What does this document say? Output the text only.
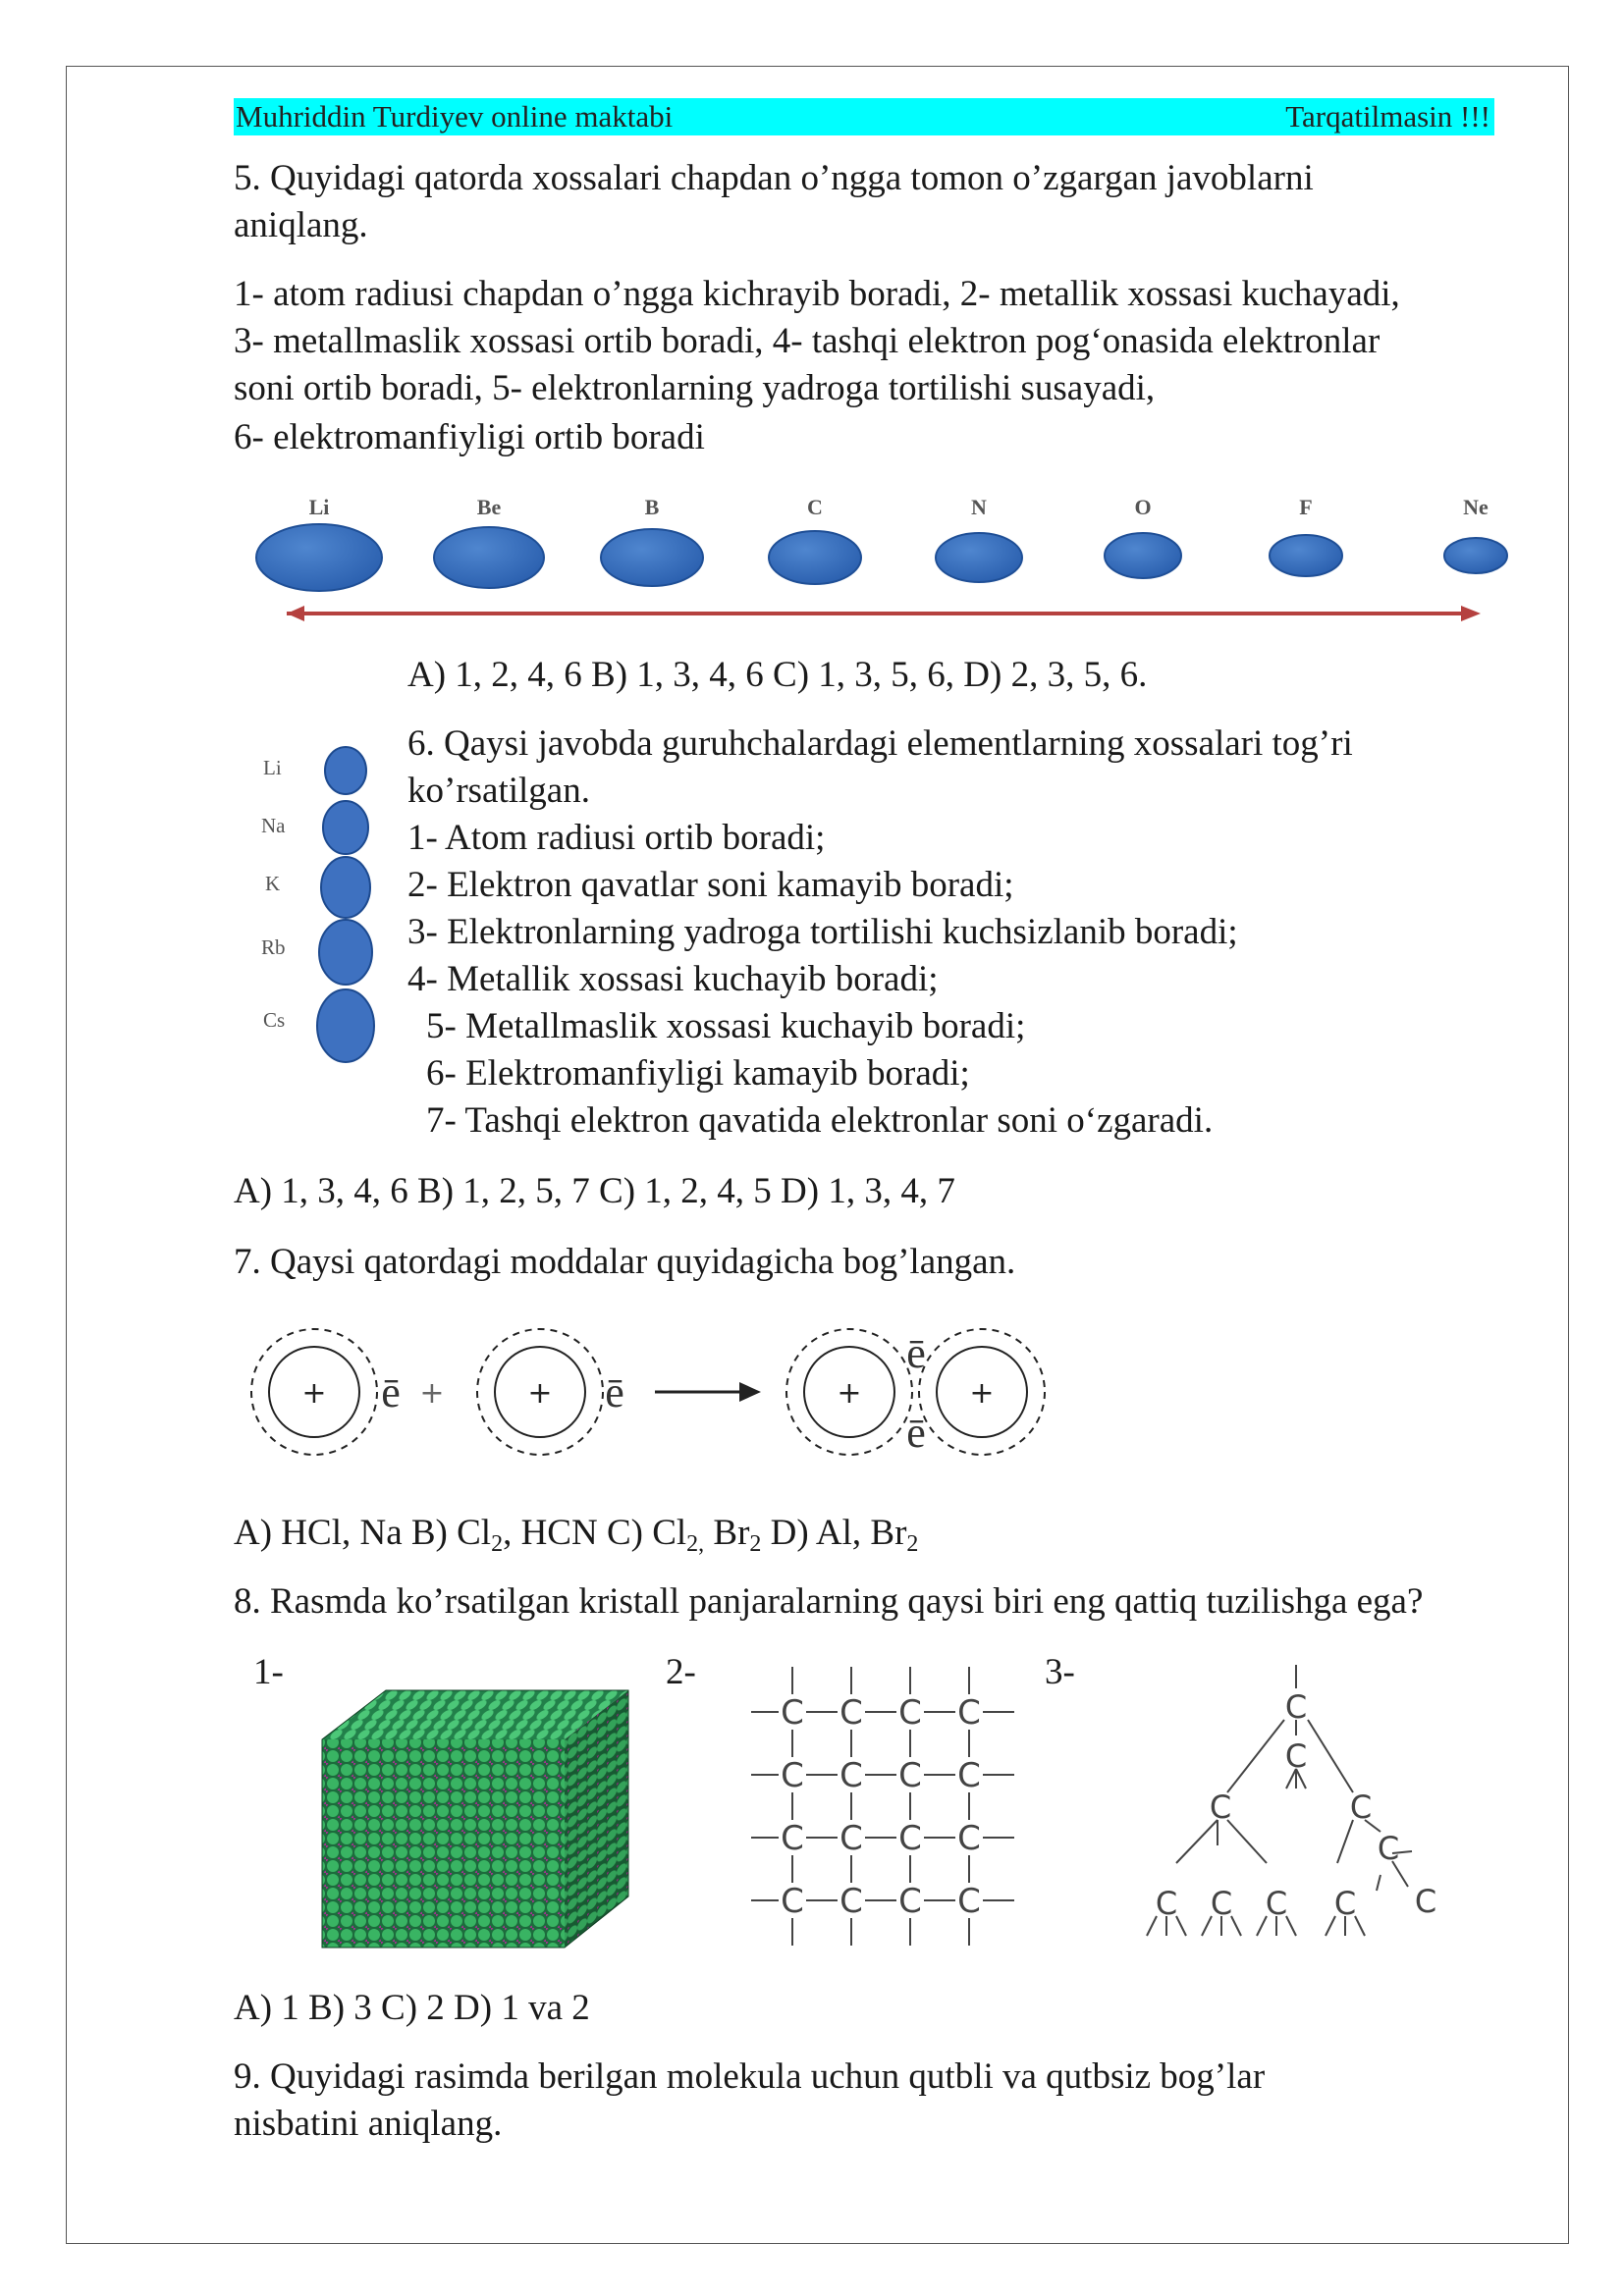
Muhriddin Turdiyev online maktabi	Tarqatilmasin !!!
5. Quyidagi qatorda xossalari chapdan o’ngga tomon o’zgargan javoblarni
aniqlang.
1- atom radiusi chapdan o’ngga kichrayib boradi, 2- metallik xossasi kuchayadi,
3- metallmaslik xossasi ortib boradi, 4- tashqi elektron pog‘onasida elektronlar
soni ortib boradi, 5- elektronlarning yadroga tortilishi susayadi,
6- elektromanfiyligi ortib boradi
Li	Be	B	C	N	O	F	Ne
A) 1, 2, 4, 6 B) 1, 3, 4, 6 C) 1, 3, 5, 6, D) 2, 3, 5, 6.
Li
Na
K
Rb
Cs
6. Qaysi javobda guruhchalardagi elementlarning xossalari tog’ri
ko’rsatilgan.
1- Atom radiusi ortib boradi;
2- Elektron qavatlar soni kamayib boradi;
3- Elektronlarning yadroga tortilishi kuchsizlanib boradi;
4- Metallik xossasi kuchayib boradi;
5- Metallmaslik xossasi kuchayib boradi;
6- Elektromanfiyligi kamayib boradi;
7- Tashqi elektron qavatida elektronlar soni o‘zgaradi.
A) 1, 3, 4, 6 B) 1, 2, 5, 7 C) 1, 2, 4, 5 D) 1, 3, 4, 7
7. Qaysi qatordagi moddalar quyidagicha bog’langan.
+	+	+	+
+
ē	ē
ē
ē
A) HCl, Na B) $Cl_2$, HCN C) $Cl_{2,}$ $Br_2$ D) Al, $Br_2$
8. Rasmda ko’rsatilgan kristall panjaralarning qaysi biri eng qattiq tuzilishga ega?
1-	2-	3-
C C C C
C C C C
C C C C
C C C C
C
C
C	C
C
C C C C C
A) 1 B) 3 C) 2 D) 1 va 2
9. Quyidagi rasimda berilgan molekula uchun qutbli va qutbsiz bog’lar
nisbatini aniqlang.
